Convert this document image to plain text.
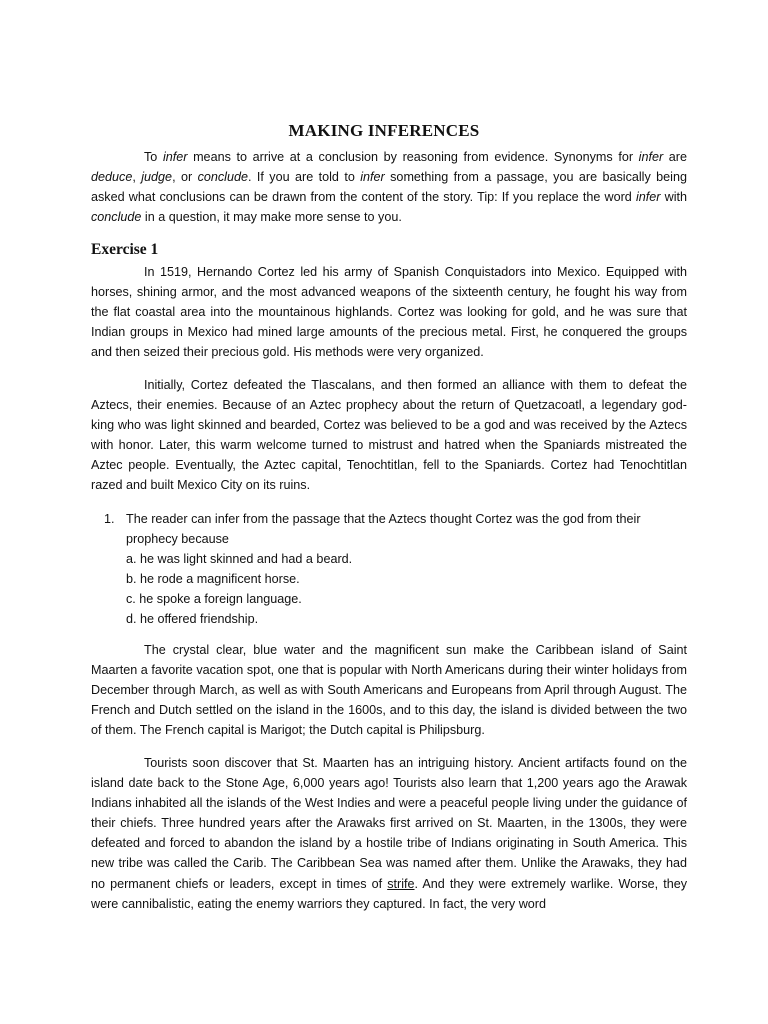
MAKING INFERENCES

To infer means to arrive at a conclusion by reasoning from evidence. Synonyms for infer are deduce, judge, or conclude. If you are told to infer something from a passage, you are basically being asked what conclusions can be drawn from the content of the story. Tip: If you replace the word infer with conclude in a question, it may make more sense to you.

Exercise 1

In 1519, Hernando Cortez led his army of Spanish Conquistadors into Mexico. Equipped with horses, shining armor, and the most advanced weapons of the sixteenth century, he fought his way from the flat coastal area into the mountainous highlands. Cortez was looking for gold, and he was sure that Indian groups in Mexico had mined large amounts of the precious metal. First, he conquered the groups and then seized their precious gold. His methods were very organized.

Initially, Cortez defeated the Tlascalans, and then formed an alliance with them to defeat the Aztecs, their enemies. Because of an Aztec prophecy about the return of Quetzacoatl, a legendary god-king who was light skinned and bearded, Cortez was believed to be a god and was received by the Aztecs with honor. Later, this warm welcome turned to mistrust and hatred when the Spaniards mistreated the Aztec people. Eventually, the Aztec capital, Tenochtitlan, fell to the Spaniards. Cortez had Tenochtitlan razed and built Mexico City on its ruins.

1. The reader can infer from the passage that the Aztecs thought Cortez was the god from their prophecy because
a. he was light skinned and had a beard.
b. he rode a magnificent horse.
c. he spoke a foreign language.
d. he offered friendship.

The crystal clear, blue water and the magnificent sun make the Caribbean island of Saint Maarten a favorite vacation spot, one that is popular with North Americans during their winter holidays from December through March, as well as with South Americans and Europeans from April through August. The French and Dutch settled on the island in the 1600s, and to this day, the island is divided between the two of them. The French capital is Marigot; the Dutch capital is Philipsburg.

Tourists soon discover that St. Maarten has an intriguing history. Ancient artifacts found on the island date back to the Stone Age, 6,000 years ago! Tourists also learn that 1,200 years ago the Arawak Indians inhabited all the islands of the West Indies and were a peaceful people living under the guidance of their chiefs. Three hundred years after the Arawaks first arrived on St. Maarten, in the 1300s, they were defeated and forced to abandon the island by a hostile tribe of Indians originating in South America. This new tribe was called the Carib. The Caribbean Sea was named after them. Unlike the Arawaks, they had no permanent chiefs or leaders, except in times of strife. And they were extremely warlike. Worse, they were cannibalistic, eating the enemy warriors they captured. In fact, the very word
